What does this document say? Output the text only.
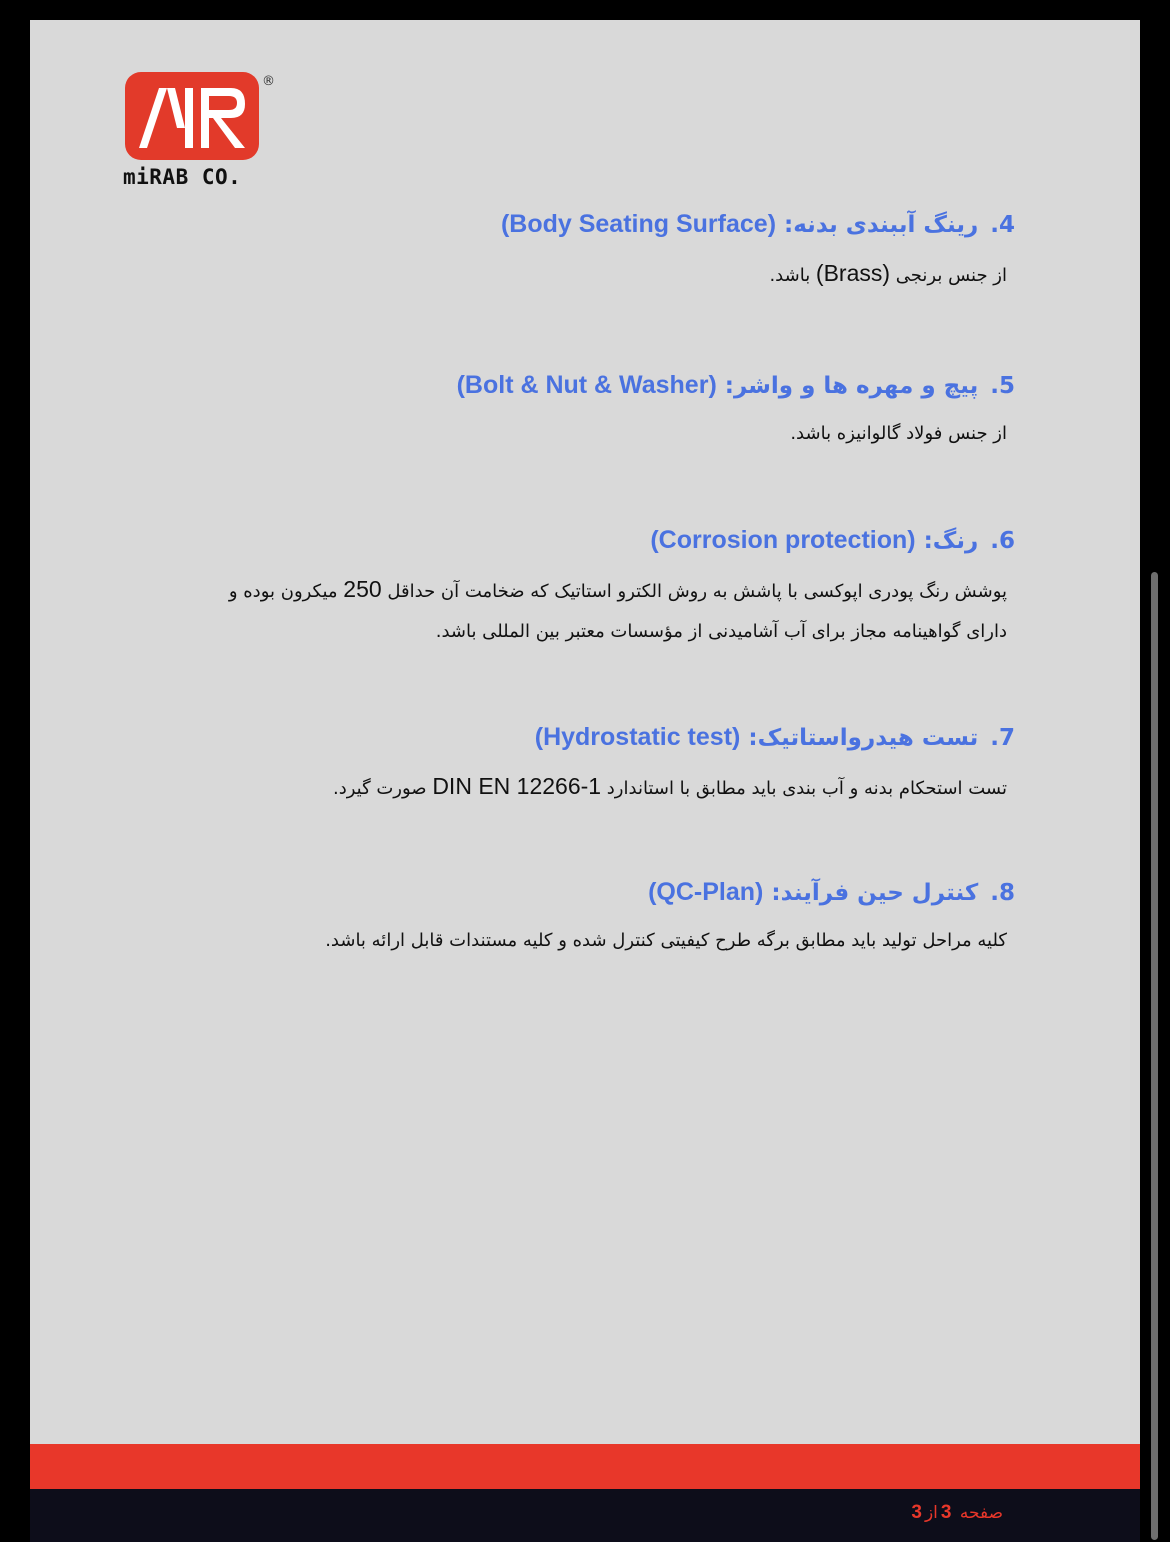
®
miRAB CO.
4.رینگ آببندی بدنه: (Body Seating Surface)
از جنس برنجی (Brass) باشد.
5.پیچ و مهره ها و واشر: (Bolt & Nut & Washer)
از جنس فولاد گالوانیزه باشد.
6.رنگ: (Corrosion protection)
پوشش رنگ پودری اپوکسی با پاشش به روش الکترو استاتیک که ضخامت آن حداقل 250 میکرون بوده و
دارای گواهینامه مجاز برای آب آشامیدنی از مؤسسات معتبر بین المللی باشد.
7.تست هیدرواستاتیک: (Hydrostatic test)
تست استحکام بدنه و آب بندی باید مطابق با استاندارد DIN EN 12266-1 صورت گیرد.
8.کنترل حین فرآیند: (QC-Plan)
کلیه مراحل تولید باید مطابق برگه طرح کیفیتی کنترل شده و کلیه مستندات قابل ارائه باشد.
صفحه 3از3
